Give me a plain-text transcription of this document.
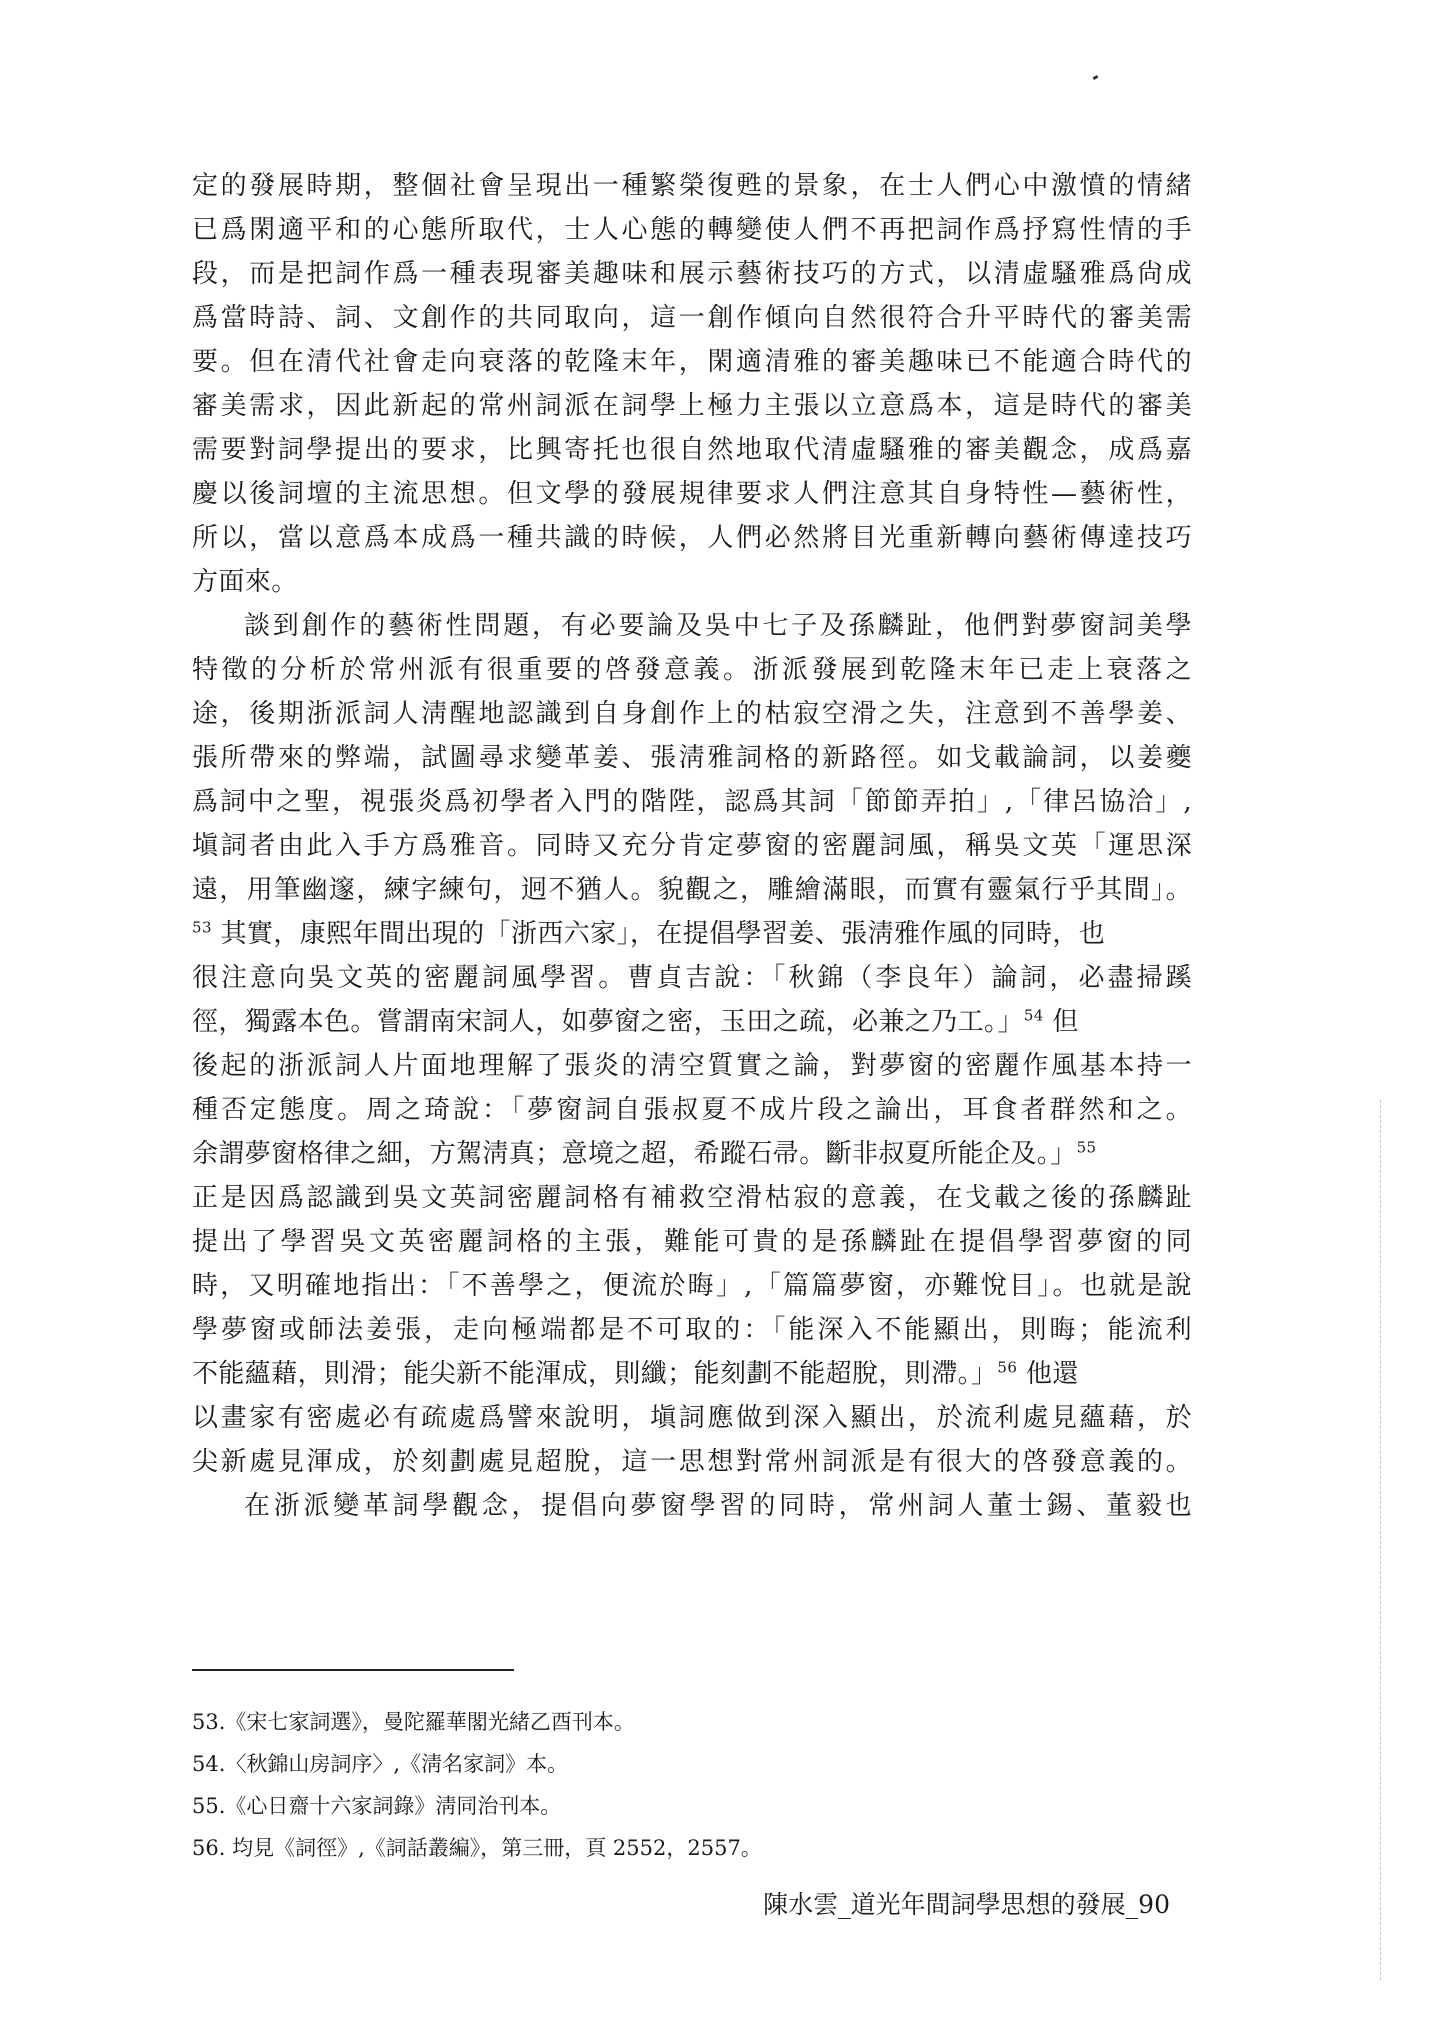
定的發展時期，整個社會呈現出一種繁榮復甦的景象，在士人們心中激憤的情緒
已爲閑適平和的心態所取代，士人心態的轉變使人們不再把詞作爲抒寫性情的手
段，而是把詞作爲一種表現審美趣味和展示藝術技巧的方式，以清虛騷雅爲尙成
爲當時詩、詞、文創作的共同取向，這一創作傾向自然很符合升平時代的審美需
要。但在清代社會走向衰落的乾隆末年，閑適清雅的審美趣味已不能適合時代的
審美需求，因此新起的常州詞派在詞學上極力主張以立意爲本，這是時代的審美
需要對詞學提出的要求，比興寄托也很自然地取代清虛騷雅的審美觀念，成爲嘉
慶以後詞壇的主流思想。但文學的發展規律要求人們注意其自身特性—藝術性，
所以，當以意爲本成爲一種共識的時候，人們必然將目光重新轉向藝術傳達技巧
方面來。
談到創作的藝術性問題，有必要論及吳中七子及孫麟趾，他們對夢窗詞美學
特徵的分析於常州派有很重要的啓發意義。浙派發展到乾隆末年已走上衰落之
途，後期浙派詞人淸醒地認識到自身創作上的枯寂空滑之失，注意到不善學姜、
張所帶來的弊端，試圖尋求變革姜、張淸雅詞格的新路徑。如戈載論詞，以姜夔
爲詞中之聖，視張炎爲初學者入門的階陛，認爲其詞「節節弄拍」,「律呂協洽」,
塡詞者由此入手方爲雅音。同時又充分肯定夢窗的密麗詞風，稱吳文英「運思深
遠，用筆幽邃，練字練句，迥不猶人。貌觀之，雕繪滿眼，而實有靈氣行乎其間」。
$^{53}$ 其實，康熙年間出現的「浙西六家」，在提倡學習姜、張淸雅作風的同時，也
很注意向吳文英的密麗詞風學習。曹貞吉說：「秋錦（李良年）論詞，必盡掃蹊
徑，獨露本色。嘗謂南宋詞人，如夢窗之密，玉田之疏，必兼之乃工。」$^{54}$ 但
後起的浙派詞人片面地理解了張炎的淸空質實之論，對夢窗的密麗作風基本持一
種否定態度。周之琦說：「夢窗詞自張叔夏不成片段之論出，耳食者群然和之。
余謂夢窗格律之細，方駕淸真；意境之超，希蹤石帚。斷非叔夏所能企及。」$^{55}$
正是因爲認識到吳文英詞密麗詞格有補救空滑枯寂的意義，在戈載之後的孫麟趾
提出了學習吳文英密麗詞格的主張，難能可貴的是孫麟趾在提倡學習夢窗的同
時，又明確地指出：「不善學之，便流於晦」,「篇篇夢窗，亦難悅目」。也就是說
學夢窗或師法姜張，走向極端都是不可取的：「能深入不能顯出，則晦；能流利
不能蘊藉，則滑；能尖新不能渾成，則纖；能刻劃不能超脫，則滯。」$^{56}$ 他還
以畫家有密處必有疏處爲譬來說明，塡詞應做到深入顯出，於流利處見蘊藉，於
尖新處見渾成，於刻劃處見超脫，這一思想對常州詞派是有很大的啓發意義的。
在浙派變革詞學觀念，提倡向夢窗學習的同時，常州詞人董士錫、董毅也
53.《宋七家詞選》，曼陀羅華閣光緒乙酉刊本。
54.〈秋錦山房詞序〉,《淸名家詞》本。
55.《心日齋十六家詞錄》淸同治刊本。
56. 均見《詞徑》,《詞話叢編》，第三冊，頁 2552，2557。
陳水雲_道光年間詞學思想的發展_90
